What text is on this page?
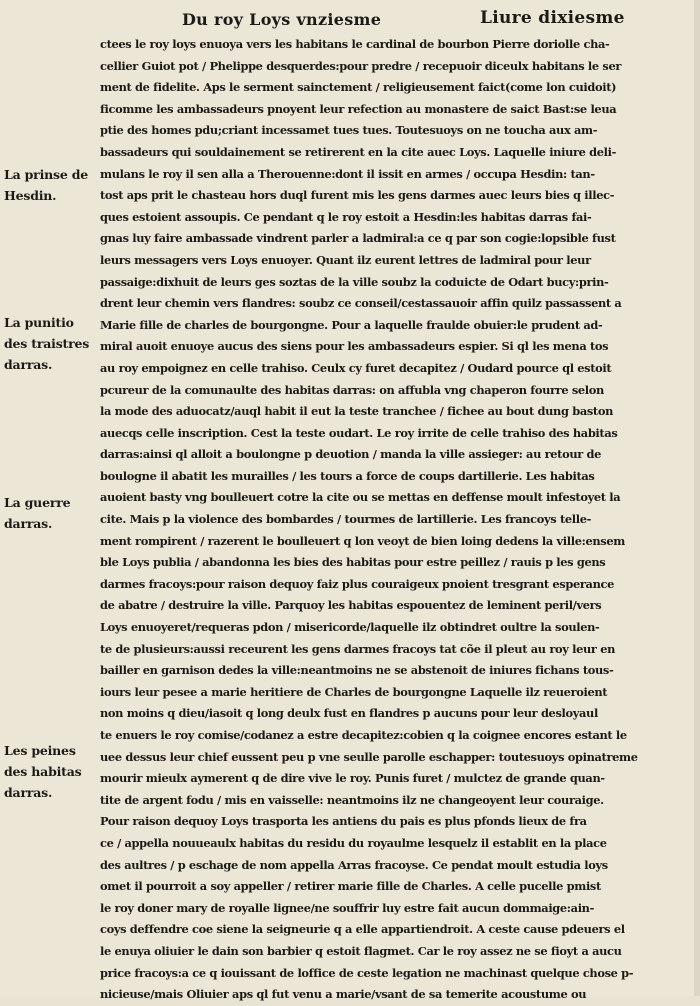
Du roy Loys vnziesme	Liure dixiesme
La prinse de
Hesdin.
La punitio
des traistres
darras.
La guerre
darras.
Les peines
des habitas
darras.
ctees le roy loys enuoya vers les habitans le cardinal de bourbon Pierre doriolle cha-
cellier Guiot pot / Phelippe desquerdes:pour predre / recepuoir diceulx habitans le ser
ment de fidelite. Aps le serment sainctement / religieusement faict(come lon cuidoit)
ficomme les ambassadeurs pnoyent leur refection au monastere de saict Bast:se leua
ptie des homes pdu;criant incessamet tues tues. Toutesuoys on ne toucha aux am-
bassadeurs qui souldainement se retirerent en la cite auec Loys. Laquelle iniure deli-
mulans le roy il sen alla a Therouenne:dont il issit en armes / occupa Hesdin: tan-
tost aps prit le chasteau hors duql furent mis les gens darmes auec leurs bies q illec-
ques estoient assoupis. Ce pendant q le roy estoit a Hesdin:les habitas darras fai-
gnas luy faire ambassade vindrent parler a ladmiral:a ce q par son cogie:lopsible fust
leurs messagers vers Loys enuoyer. Quant ilz eurent lettres de ladmiral pour leur
passaige:dixhuit de leurs ges soztas de la ville soubz la coduicte de Odart bucy:prin-
drent leur chemin vers flandres: soubz ce conseil/cestassauoir affin quilz passassent a
Marie fille de charles de bourgongne. Pour a laquelle fraulde obuier:le prudent ad-
miral auoit enuoye aucus des siens pour les ambassadeurs espier. Si ql les mena tos
au roy empoignez en celle trahiso. Ceulx cy furet decapitez / Oudard pource ql estoit
pcureur de la comunaulte des habitas darras: on affubla vng chaperon fourre selon
la mode des aduocatz/auql habit il eut la teste tranchee / fichee au bout dung baston
auecqs celle inscription. Cest la teste oudart. Le roy irrite de celle trahiso des habitas
darras:ainsi ql alloit a boulongne p deuotion / manda la ville assieger: au retour de
boulogne il abatit les murailles / les tours a force de coups dartillerie. Les habitas
auoient basty vng boulleuert cotre la cite ou se mettas en deffense moult infestoyet la
cite. Mais p la violence des bombardes / tourmes de lartillerie. Les francoys telle-
ment rompirent / razerent le boulleuert q lon veoyt de bien loing dedens la ville:ensem
ble Loys publia / abandonna les bies des habitas pour estre peillez / rauis p les gens
darmes fracoys:pour raison dequoy faiz plus couraigeux pnoient tresgrant esperance
de abatre / destruire la ville. Parquoy les habitas espouentez de leminent peril/vers
Loys enuoyeret/requeras pdon / misericorde/laquelle ilz obtindret oultre la soulen-
te de plusieurs:aussi receurent les gens darmes fracoys tat cõe il pleut au roy leur en
bailler en garnison dedes la ville:neantmoins ne se abstenoit de iniures fichans tous-
iours leur pesee a marie heritiere de Charles de bourgongne Laquelle ilz reueroient
non moins q dieu/iasoit q long deulx fust en flandres p aucuns pour leur desloyaul
te enuers le roy comise/codanez a estre decapitez:cobien q la coignee encores estant le
uee dessus leur chief eussent peu p vne seulle parolle eschapper: toutesuoys opinatreme
mourir mieulx aymerent q de dire vive le roy. Punis furet / mulctez de grande quan-
tite de argent fodu / mis en vaisselle: neantmoins ilz ne changeoyent leur couraige.
Pour raison dequoy Loys trasporta les antiens du pais es plus pfonds lieux de fra
ce / appella nouueaulx habitas du residu du royaulme lesquelz il establit en la place
des aultres / p eschage de nom appella Arras fracoyse. Ce pendat moult estudia loys
omet il pourroit a soy appeller / retirer marie fille de Charles. A celle pucelle pmist
le roy doner mary de royalle lignee/ne souffrir luy estre fait aucun dommaige:ain-
coys deffendre coe siene la seigneurie q a elle appartiendroit. A ceste cause pdeuers el
le enuya oliuier le dain son barbier q estoit flagmet. Car le roy assez ne se fioyt a aucu
price fracoys:a ce q iouissant de loffice de ceste legation ne machinast quelque chose p-
nicieuse/mais Oliuier aps ql fut venu a marie/vsant de sa temerite acoustume ou
